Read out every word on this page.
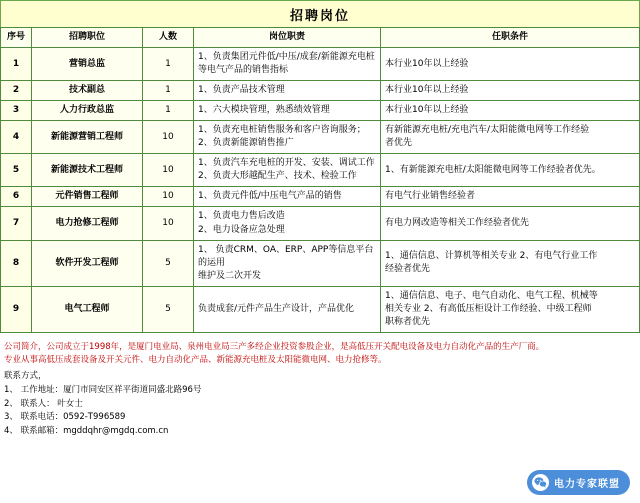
招聘岗位
序号	招聘职位	人数	岗位职责	任职条件
1	营销总监	1	1、负责集团元件低/中压/成套/新能源充电桩
等电气产品的销售指标	本行业10年以上经验

2	技术副总	1	1、负责产品技术管理	本行业10年以上经验

3	人力行政总监	1	1、六大模块管理，熟悉绩效管理	本行业10年以上经验

4	新能源营销工程师	10	1、负责充电桩销售服务和客户咨询服务；
2、负责新能源销售推广	有新能源充电桩/充电汽车/太阳能微电网等工作经验
者优先

5	新能源技术工程师	10	1、负责汽车充电桩的开发、安装、调试工作
2、负责大形越配生产、技术、检验工作	1、有新能源充电桩/太阳能微电网等工作经验者优先。

6	元件销售工程师	10	1、负责元件低/中压电气产品的销售	有电气行业销售经验者

7	电力抢修工程师	10	1、负责电力售后改造
2、电力设备应急处理	有电力网改造等相关工作经验者优先

8	软件开发工程师	5	1、 负责CRM、OA、ERP、APP等信息平台的运用
维护及二次开发	1、通信信息、计算机等相关专业 2、有电气行业工作
经验者优先

9	电气工程师	5	负责成套/元件产品生产设计，产品优化	1、通信信息、电子、电气自动化、电气工程、机械等
相关专业 2、有高低压柜设计工作经验、中级工程师
职称者优先
公司简介，公司成立于1998年，是厦门电业局、泉州电业局三产多经企业投资参股企业，是高低压开关配电设备及电力自动化产品的生产厂商。
专业从事高低压成套设备及开关元件、电力自动化产品、新能源充电桩及太阳能微电网、电力抢修等。
联系方式，
1、 工作地址：厦门市同安区祥平街道同盛北路96号
2、 联系人： 叶女士
3、 联系电话：0592-T996589
4、 联系邮箱：mgddqhr@mgdq.com.cn
电力专家联盟
